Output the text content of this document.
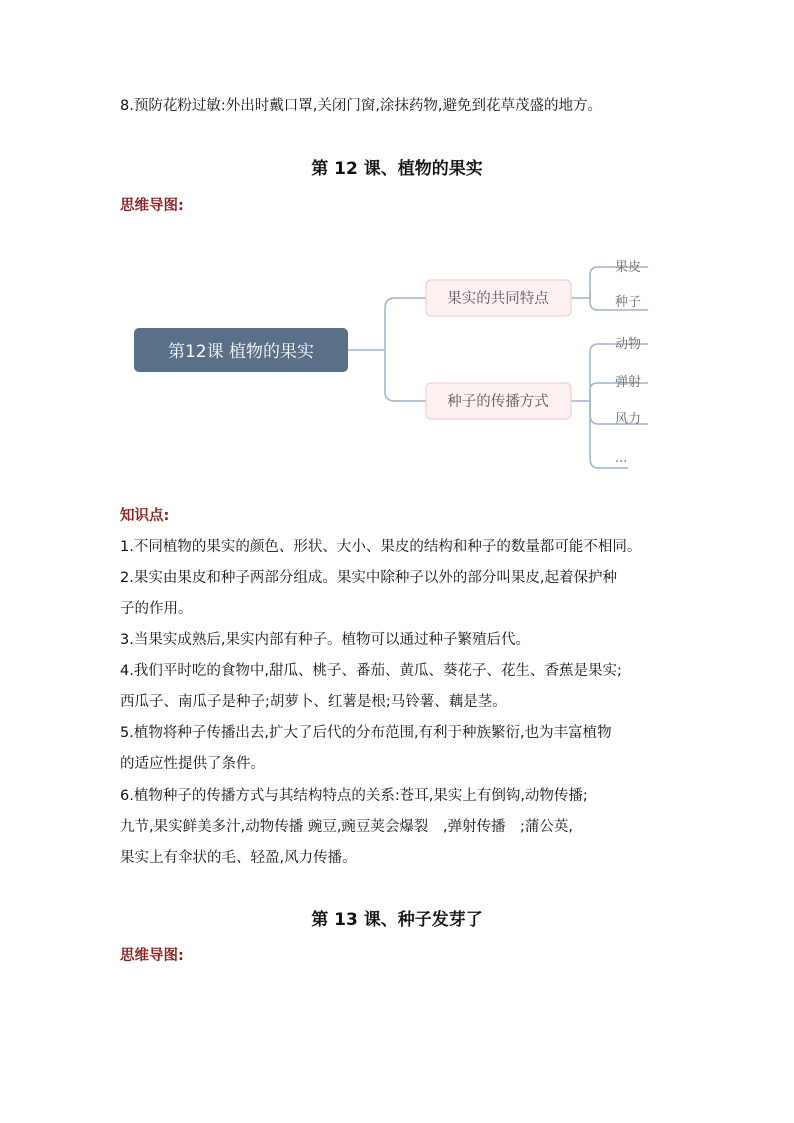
8.预防花粉过敏:外出时戴口罩,关闭门窗,涂抹药物,避免到花草茂盛的地方。
第 12 课、植物的果实
思维导图:
第12课 植物的果实
果实的共同特点
果皮
种子
种子的传播方式
动物
弹射
风力
...
知识点:
1.不同植物的果实的颜色、形状、大小、果皮的结构和种子的数量都可能不相同。
2.果实由果皮和种子两部分组成。果实中除种子以外的部分叫果皮,起着保护种
子的作用。
3.当果实成熟后,果实内部有种子。植物可以通过种子繁殖后代。
4.我们平时吃的食物中,甜瓜、桃子、番茄、黄瓜、葵花子、花生、香蕉是果实;
西瓜子、南瓜子是种子;胡萝卜、红薯是根;马铃薯、藕是茎。
5.植物将种子传播出去,扩大了后代的分布范围,有利于种族繁衍,也为丰富植物
的适应性提供了条件。
6.植物种子的传播方式与其结构特点的关系:苍耳,果实上有倒钩,动物传播;
九节,果实鲜美多汁,动物传播 豌豆,豌豆荚会爆裂　,弹射传播　;蒲公英,
果实上有伞状的毛、轻盈,风力传播。
第 13 课、种子发芽了
思维导图:
